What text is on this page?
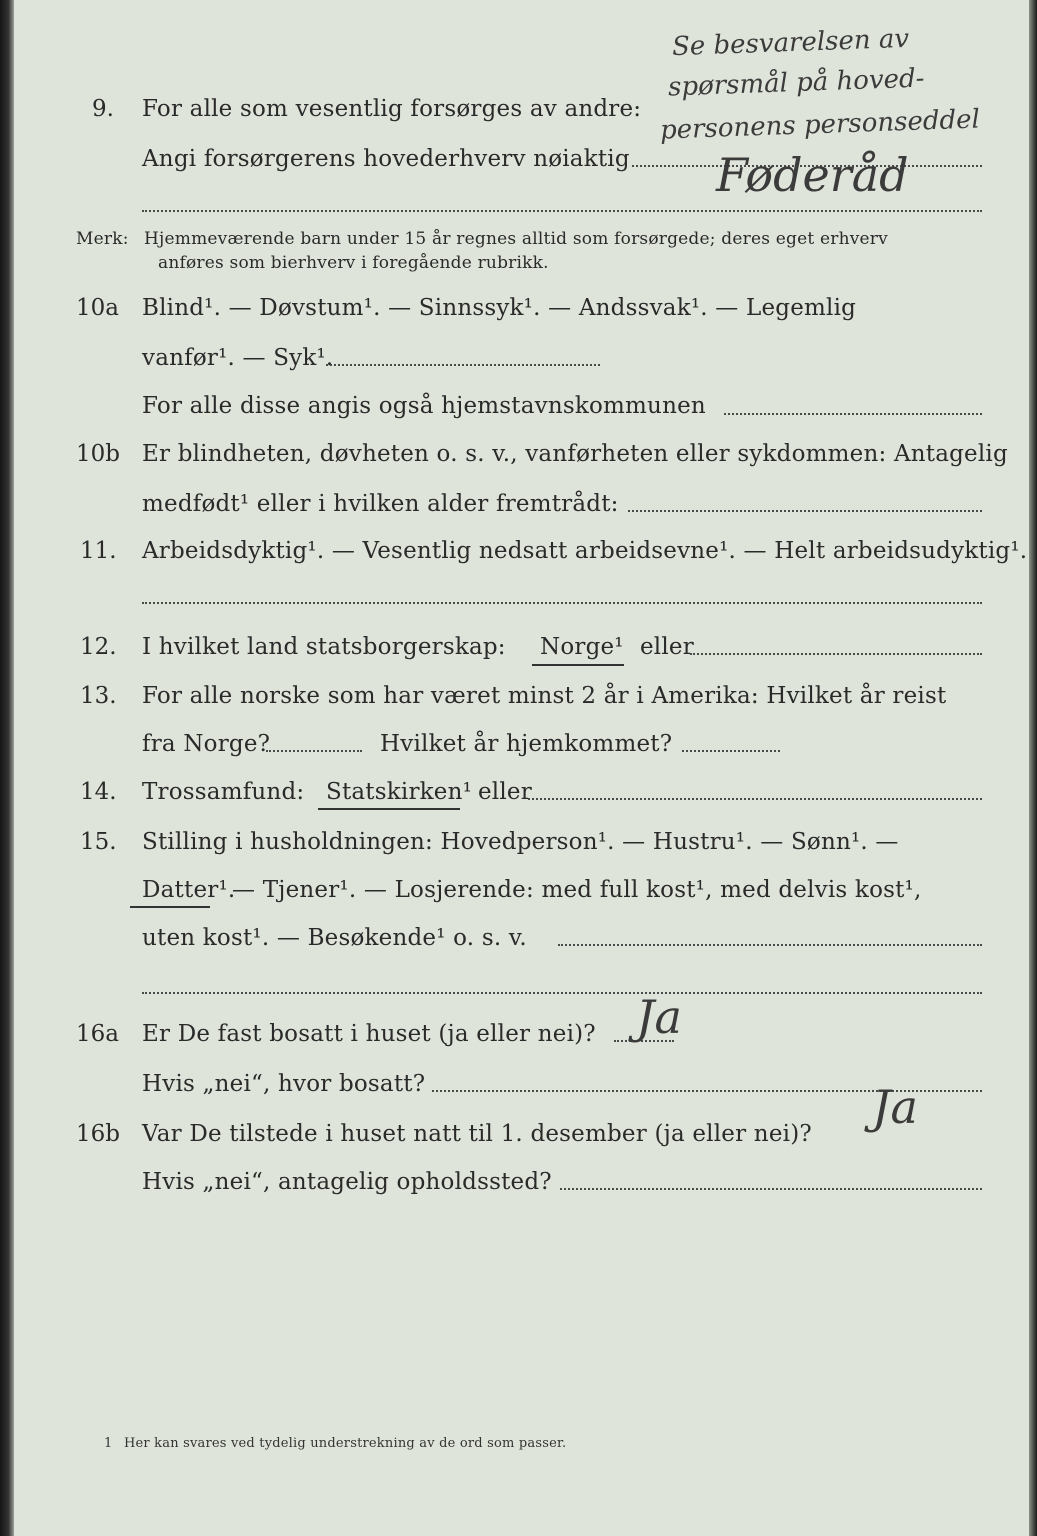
Se besvarelsen av
spørsmål på hoved-
personens personseddel
9. For alle som vesentlig forsørges av andre:
Angi forsørgerens hovederhverv nøiaktig Føderåd
Merk: Hjemmeværende barn under 15 år regnes alltid som forsørgede; deres eget erhverv
anføres som bierhverv i foregående rubrikk.
10a Blind¹. — Døvstum¹. — Sinnssyk¹. — Andssvak¹. — Legemlig
vanfør¹. — Syk¹.
For alle disse angis også hjemstavnskommunen
10b Er blindheten, døvheten o. s. v., vanførheten eller sykdommen: Antagelig
medfødt¹ eller i hvilken alder fremtrådt:
11. Arbeidsdyktig¹. — Vesentlig nedsatt arbeidsevne¹. — Helt arbeidsudyktig¹.
12. I hvilket land statsborgerskap: Norge¹ eller
13. For alle norske som har været minst 2 år i Amerika: Hvilket år reist
fra Norge?	Hvilket år hjemkommet?
14. Trossamfund: Statskirken¹ eller
15. Stilling i husholdningen: Hovedperson¹. — Hustru¹. — Sønn¹. —
Datter¹.
— Tjener¹. — Losjerende: med full kost¹, med delvis kost¹,
uten kost¹. — Besøkende¹ o. s. v.
16a Er De fast bosatt i huset (ja eller nei)? Ja
Hvis „nei“, hvor bosatt?
16b Var De tilstede i huset natt til 1. desember (ja eller nei)? Ja
Hvis „nei“, antagelig opholdssted?
1 Her kan svares ved tydelig understrekning av de ord som passer.
